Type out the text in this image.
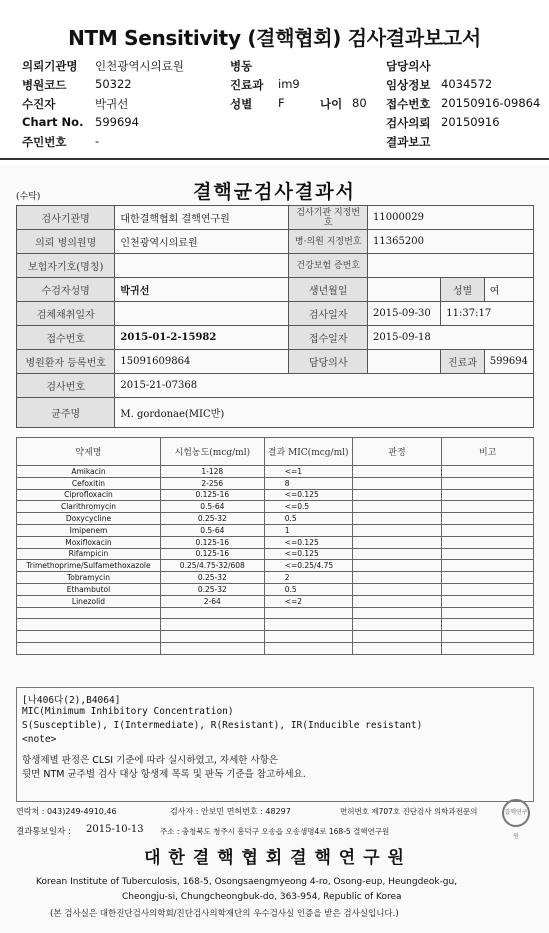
NTM Sensitivity (결핵협회) 검사결과보고서
의뢰기관명 인천광역시의료원	병동	담당의사
병원코드 50322	진료과 im9	임상정보 4034572
수진자	박귀선	성별 F	나이 80 접수번호 20150916-09864
Chart No. 599694	검사의뢰 20150916
주민번호 -	결과보고
(수탁)	결핵균검사결과서
검사기관명	대한결핵협회 결핵연구원	검사기관 지정번호	11000029		
의뢰 병의원명	인천광역시의료원	병·의원 지정번호	11365200		
보험자기호(명칭)		건강보험 증번호			
수검자성명	박귀선	생년월일		성별	여
검체채취일자		검사일자	2015-09-30	11:37:17	
접수번호	2015-01-2-15982	접수일자	2015-09-18		
병원환자 등록번호	15091609864	담당의사		진료과	599694
검사번호	2015-21-07368				
균주명	M. gordonae(MIC반)				
약제명	시험농도(mcg/ml)	결과 MIC(mcg/ml)	판정	비고
Amikacin	1-128	<=1		
Cefoxitin	2-256	8		
Ciprofloxacin	0.125-16	<=0.125		
Clarithromycin	0.5-64	<=0.5		
Doxycycline	0.25-32	0.5		
Imipenem	0.5-64	1		
Moxifloxacin	0.125-16	<=0.125		
Rifampicin	0.125-16	<=0.125		
Trimethoprime/Sulfamethoxazole	0.25/4.75-32/608	<=0.25/4.75		
Tobramycin	0.25-32	2		
Ethambutol	0.25-32	0.5		
Linezolid	2-64	<=2		

[나406다(2),B4064]
MIC(Minimum Inhibitory Concentration)
S(Susceptible), I(Intermediate), R(Resistant), IR(Inducible resistant)
<note>
항생제별 판정은 CLSI 기준에 따라 실시하였고, 자세한 사항은
뒷면 NTM 균주별 검사 대상 항생제 목록 및 판독 기준을 참고하세요.
연락처 : 043)249-4910,46	검사자 : 안보민 면허번호 : 48297	면허번호 제707호 진단검사 의학과전문의
결과통보일자 : 2015-10-13 주소 : 충청북도 청주시 흥덕구 오송읍 오송생명4로 168-5 결핵연구원
대 한 결 핵 협 회 결 핵 연 구 원
Korean Institute of Tuberculosis, 168-5, Osongsaengmyeong 4-ro, Osong-eup, Heungdeok-gu,
Cheongju-si, Chungcheongbuk-do, 363-954, Republic of Korea
(본 검사실은 대한진단검사의학회/진단검사의학재단의 우수검사실 인증을 받은 검사실입니다.)
결핵연구원
